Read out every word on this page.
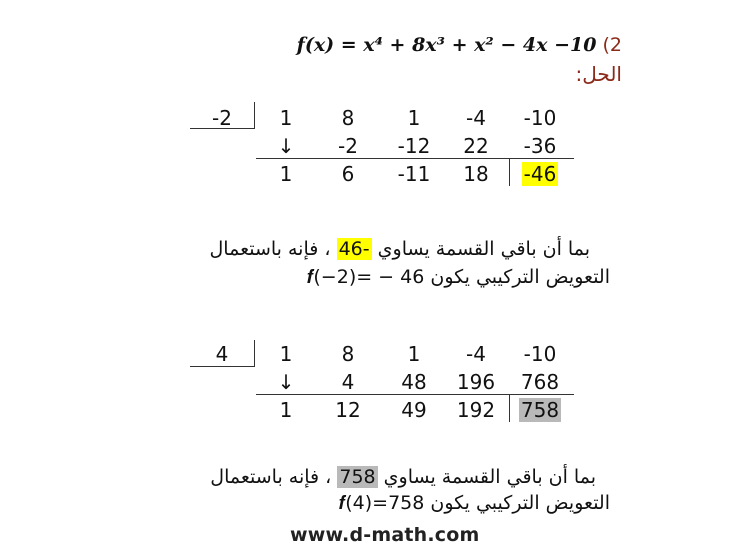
𝒇(𝒙) = 𝒙⁴ + 8𝒙³ + 𝒙² − 4𝒙 −10 (2
الحل:
-2	1	8	1	-4	-10
↓	-2	-12	22	-36
1	6	-11	18	-46
بما أن باقي القسمة يساوي -46 ، فإنه باستعمال
التعويض التركيبي يكون 46 − =(2−)𝒇
4	1	8	1	-4	-10
↓	4	48	196	768
1	12	49	192	758
بما أن باقي القسمة يساوي 758 ، فإنه باستعمال
التعويض التركيبي يكون 758=(4)𝒇
www.d-math.com
